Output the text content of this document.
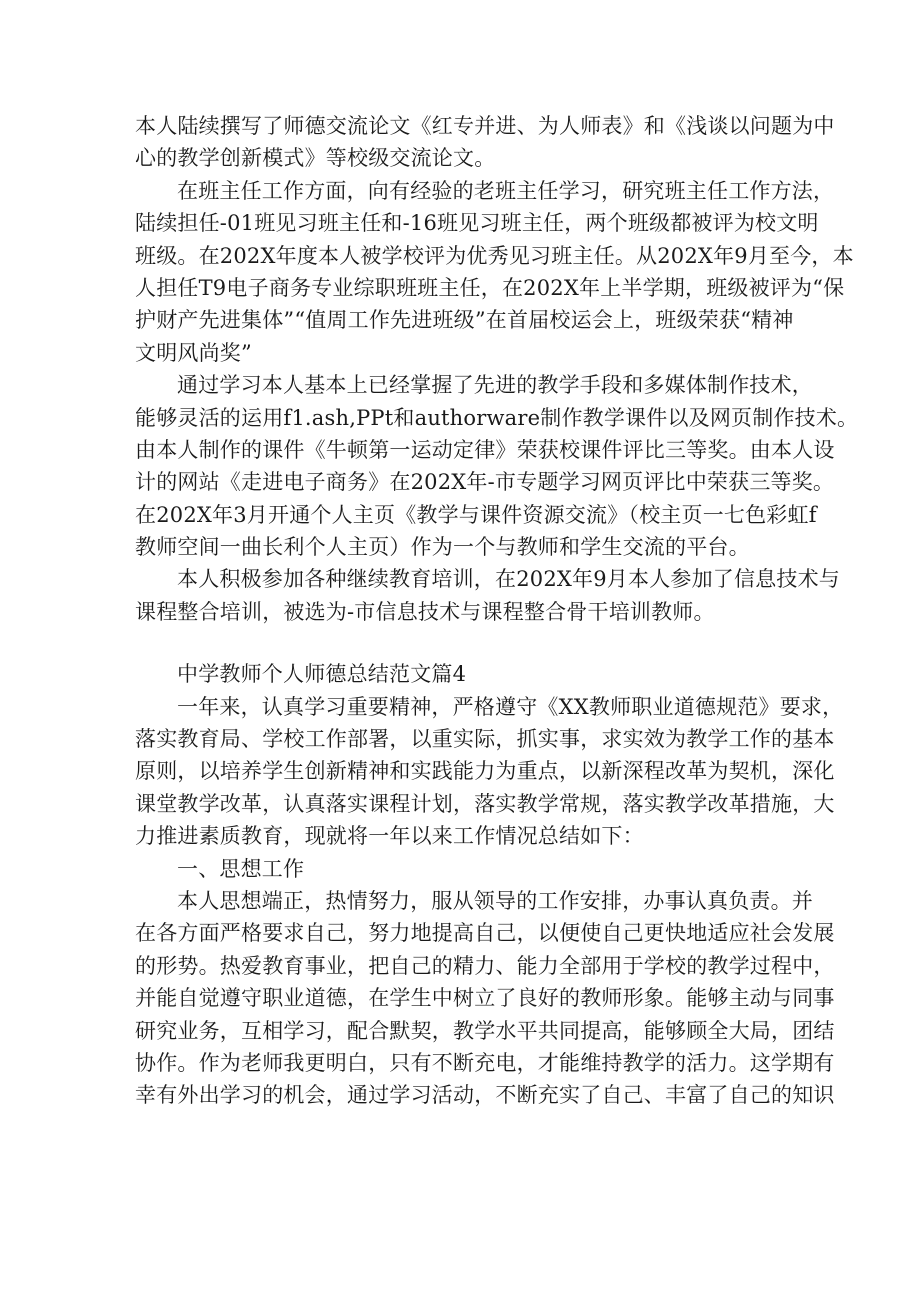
本人陆续撰写了师德交流论文《红专并进、为人师表》和《浅谈以问题为中
心的教学创新模式》等校级交流论文。
在班主任工作方面，向有经验的老班主任学习，研究班主任工作方法，
陆续担任-01班见习班主任和-16班见习班主任，两个班级都被评为校文明
班级。在202X年度本人被学校评为优秀见习班主任。从202X年9月至今，本
人担任T9电子商务专业综职班班主任，在202X年上半学期，班级被评为“保
护财产先进集体”“值周工作先进班级”在首届校运会上，班级荣获“精神
文明风尚奖”
通过学习本人基本上已经掌握了先进的教学手段和多媒体制作技术，
能够灵活的运用f1.ash,PPt和authorware制作教学课件以及网页制作技术。
由本人制作的课件《牛顿第一运动定律》荣获校课件评比三等奖。由本人设
计的网站《走进电子商务》在202X年-市专题学习网页评比中荣获三等奖。
在202X年3月开通个人主页《教学与课件资源交流》（校主页一七色彩虹f
教师空间一曲长利个人主页）作为一个与教师和学生交流的平台。
本人积极参加各种继续教育培训，在202X年9月本人参加了信息技术与
课程整合培训，被选为-市信息技术与课程整合骨干培训教师。
中学教师个人师德总结范文篇4
一年来，认真学习重要精神，严格遵守《XX教师职业道德规范》要求，
落实教育局、学校工作部署，以重实际，抓实事，求实效为教学工作的基本
原则，以培养学生创新精神和实践能力为重点，以新深程改革为契机，深化
课堂教学改革，认真落实课程计划，落实教学常规，落实教学改革措施，大
力推进素质教育，现就将一年以来工作情况总结如下：
一、思想工作
本人思想端正，热情努力，服从领导的工作安排，办事认真负责。并
在各方面严格要求自己，努力地提高自己，以便使自己更快地适应社会发展
的形势。热爱教育事业，把自己的精力、能力全部用于学校的教学过程中，
并能自觉遵守职业道德，在学生中树立了良好的教师形象。能够主动与同事
研究业务，互相学习，配合默契，教学水平共同提高，能够顾全大局，团结
协作。作为老师我更明白，只有不断充电，才能维持教学的活力。这学期有
幸有外出学习的机会，通过学习活动，不断充实了自己、丰富了自己的知识
